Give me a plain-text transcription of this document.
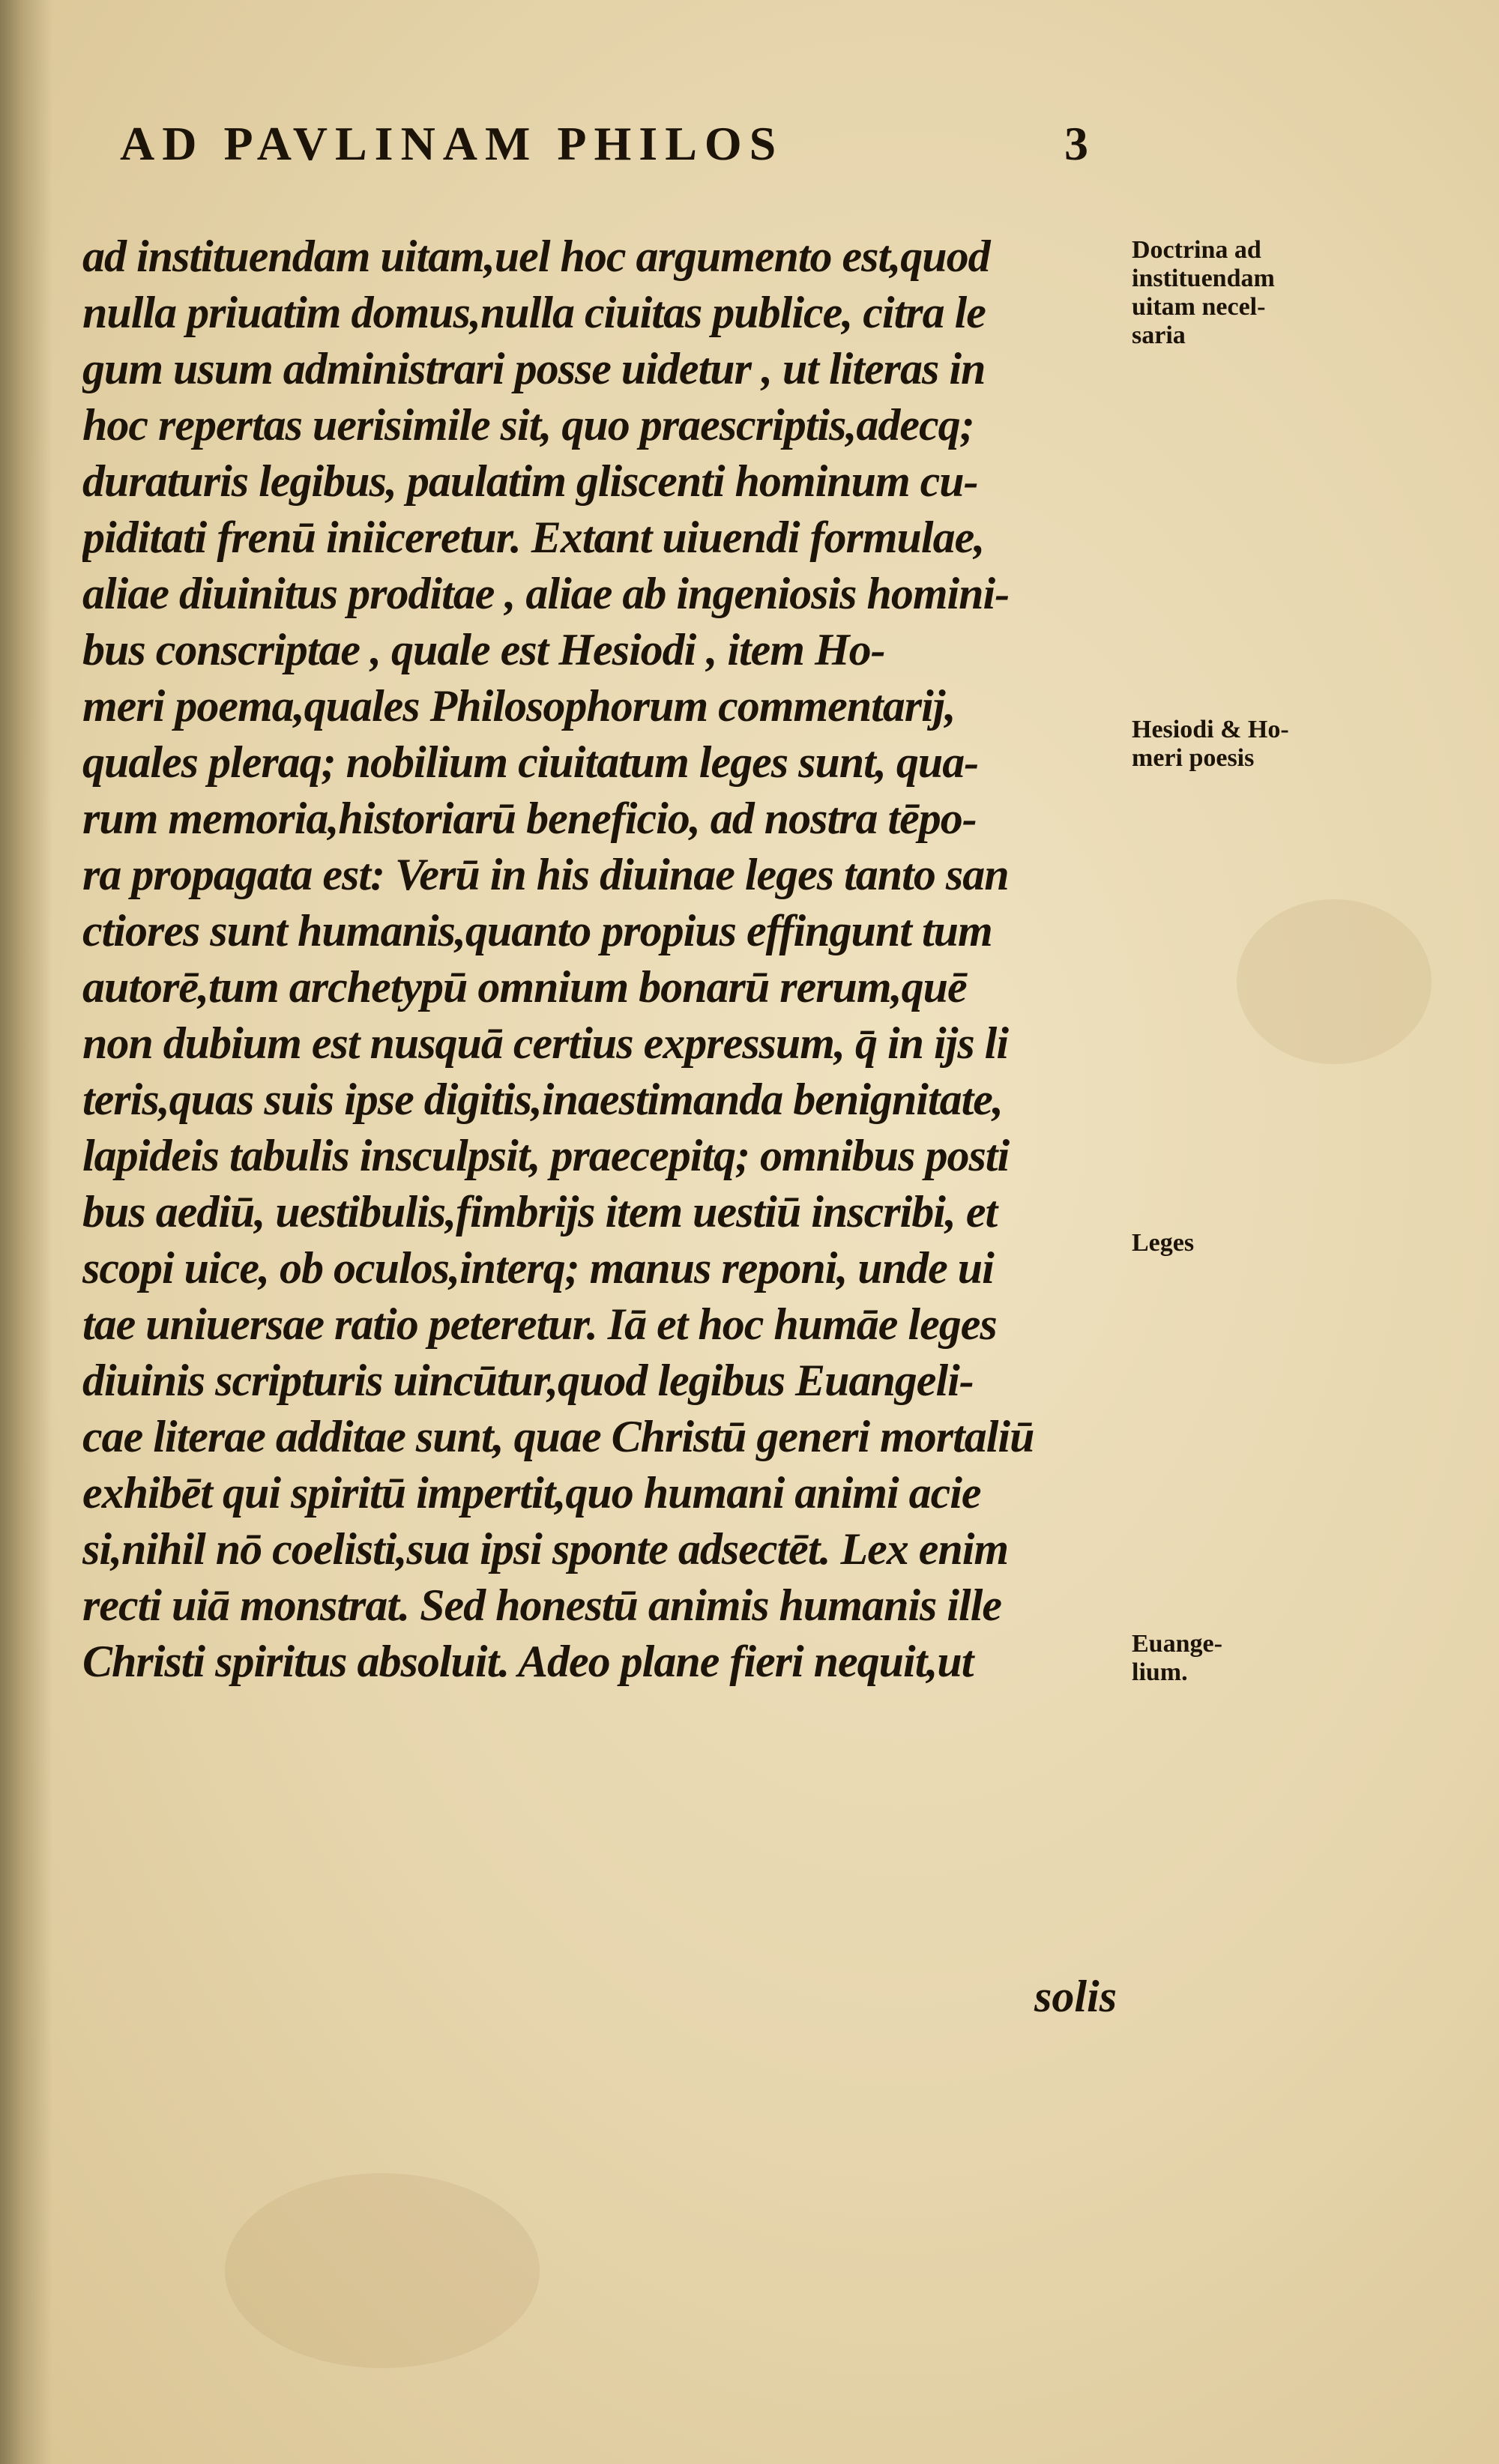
AD PAVLINAM PHILOS	3
ad instituendam uitam,uel hoc argumento est,quod
nulla priuatim domus,nulla ciuitas publice, citra le
gum usum administrari posse uidetur , ut literas in
hoc repertas uerisimile sit, quo praescriptis,adecq;
duraturis legibus, paulatim gliscenti hominum cu-
piditati frenū iniiceretur. Extant uiuendi formulae,
aliae diuinitus proditae , aliae ab ingeniosis homini-
bus conscriptae , quale est Hesiodi , item Ho-
meri poema,quales Philosophorum commentarij,
quales pleraq; nobilium ciuitatum leges sunt, qua-
rum memoria,historiarū beneficio, ad nostra tēpo-
ra propagata est: Verū in his diuinae leges tanto san
ctiores sunt humanis,quanto propius effingunt tum
autorē,tum archetypū omnium bonarū rerum,quē
non dubium est nusquā certius expressum, q̄ in ijs li
teris,quas suis ipse digitis,inaestimanda benignitate,
lapideis tabulis insculpsit, praecepitq; omnibus posti
bus aediū, uestibulis,fimbrijs item uestiū inscribi, et
scopi uice, ob oculos,interq; manus reponi, unde ui
tae uniuersae ratio peteretur. Iā et hoc humāe leges
diuinis scripturis uincūtur,quod legibus Euangeli-
cae literae additae sunt, quae Christū generi mortaliū
exhibēt qui spiritū impertit,quo humani animi acie
si,nihil nō coelisti,sua ipsi sponte adsectēt. Lex enim
recti uiā monstrat. Sed honestū animis humanis ille
Christi spiritus absoluit. Adeo plane fieri nequit,ut
solis
Doctrina ad
instituendam
uitam necel-
saria
Hesiodi & Ho-
meri poesis
Leges
Euange-
lium.
